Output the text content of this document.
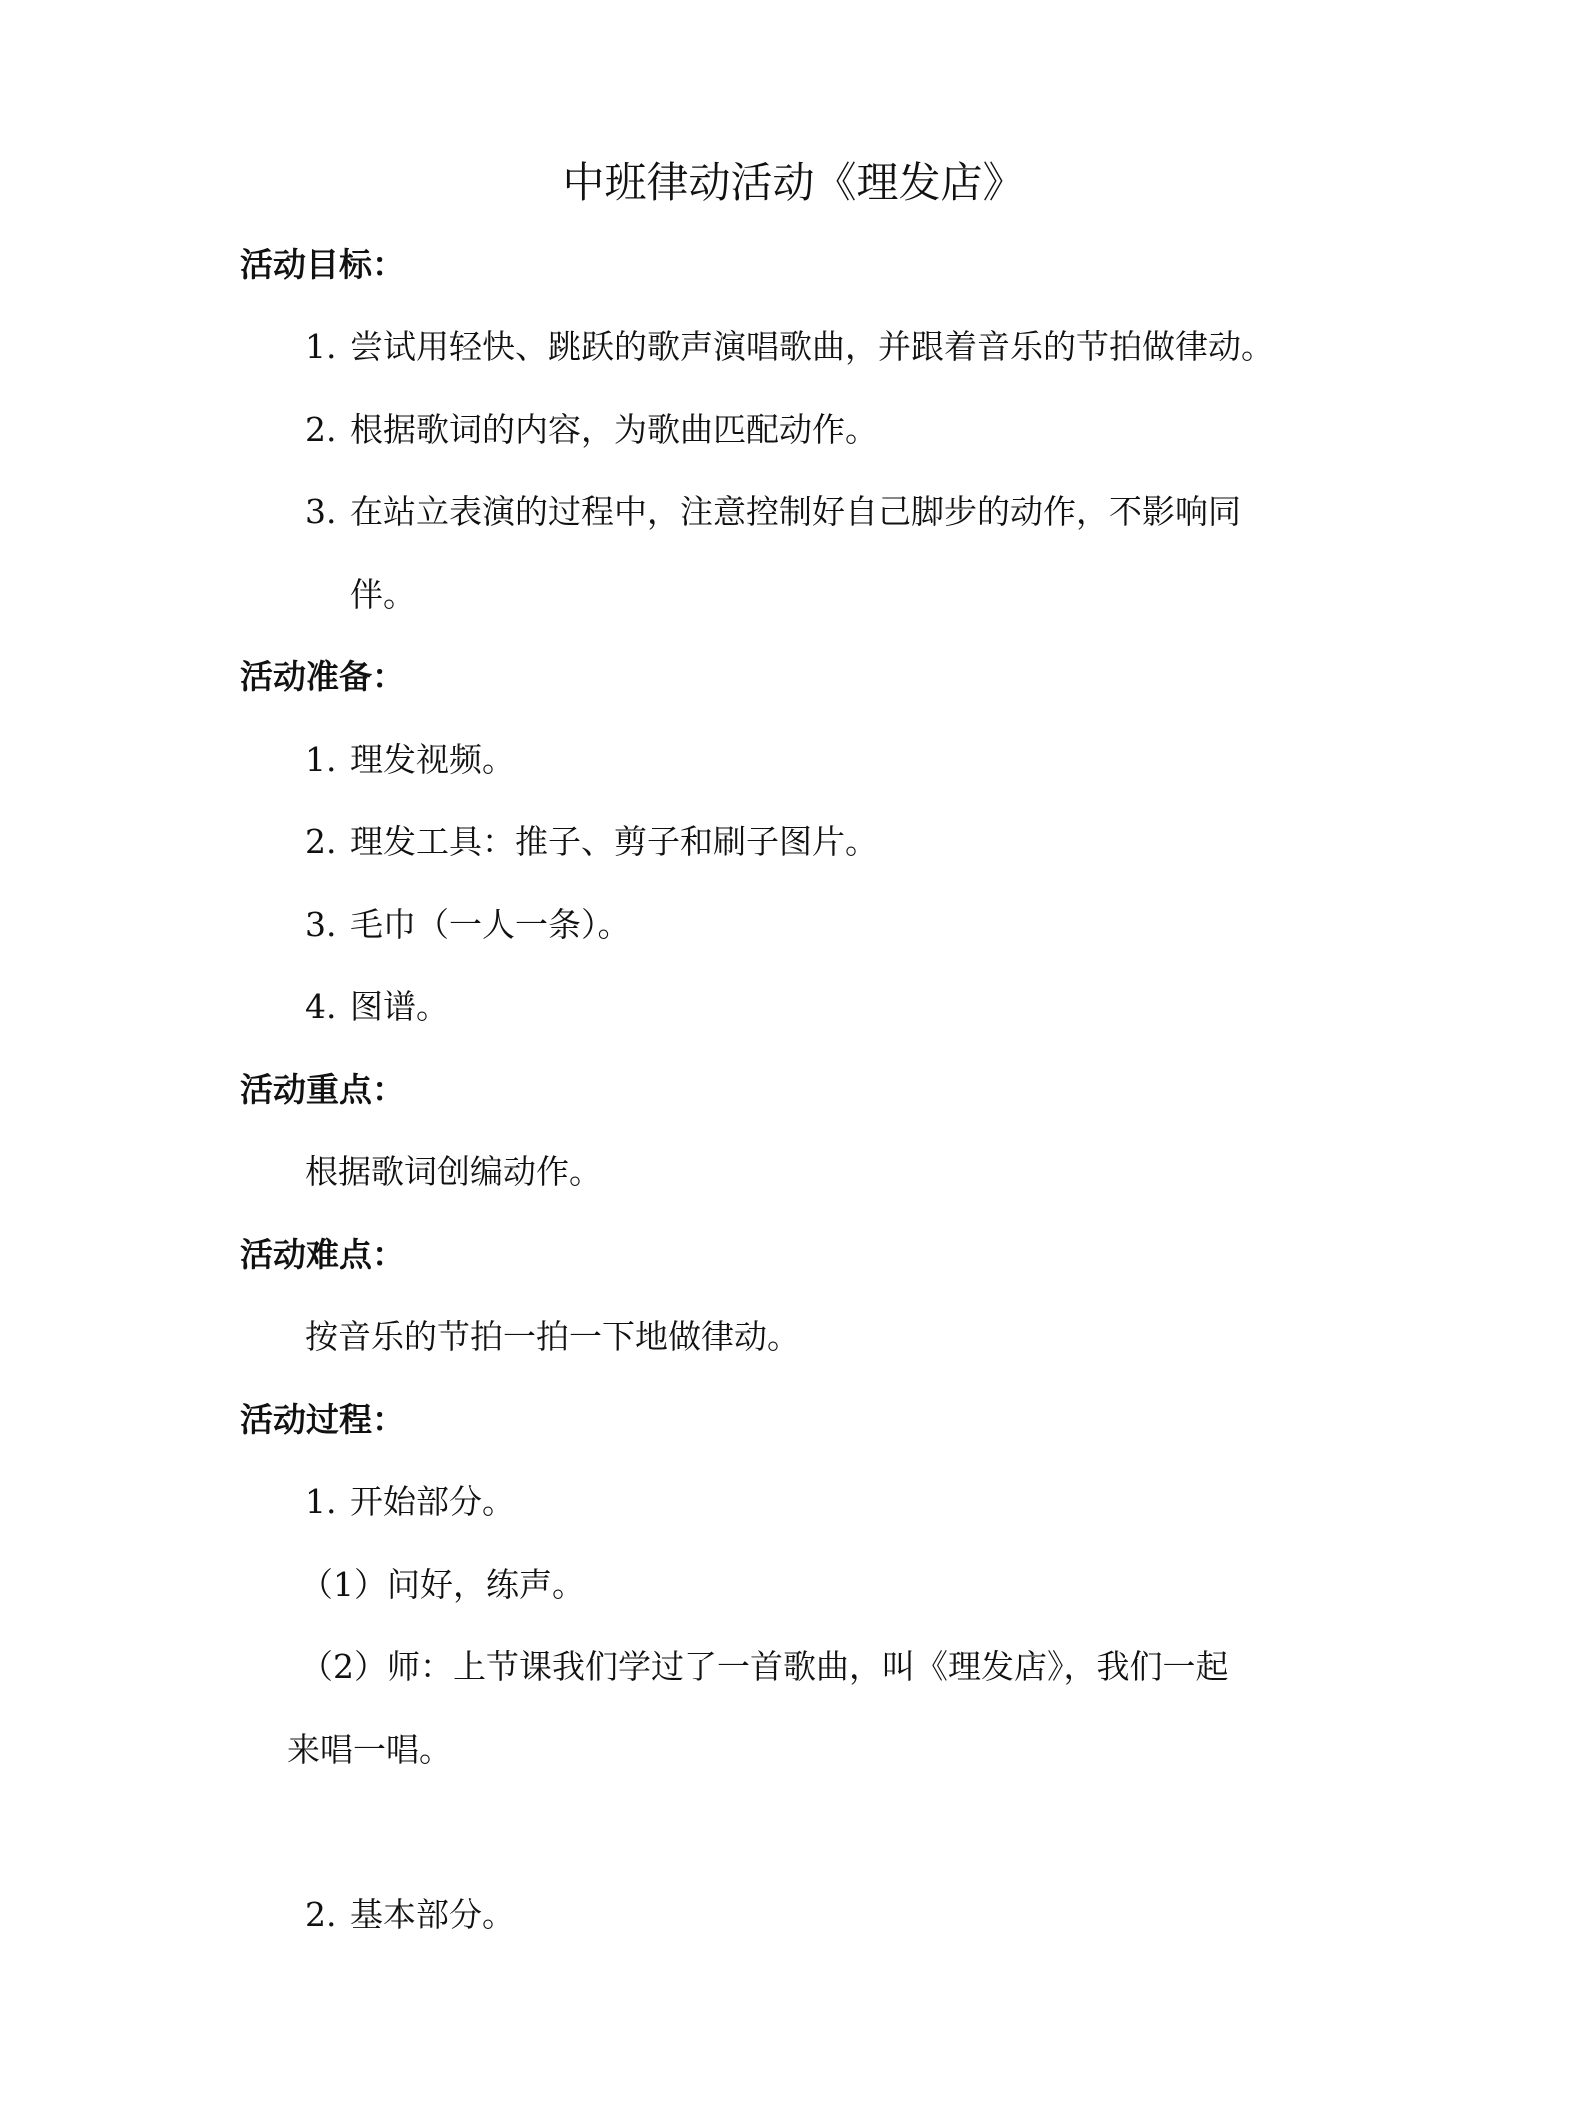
中班律动活动《理发店》
活动目标：
1. 尝试用轻快、跳跃的歌声演唱歌曲，并跟着音乐的节拍做律动。
2. 根据歌词的内容，为歌曲匹配动作。
3. 在站立表演的过程中，注意控制好自己脚步的动作，不影响同
伴。
活动准备：
1. 理发视频。
2. 理发工具：推子、剪子和刷子图片。
3. 毛巾（一人一条）。
4. 图谱。
活动重点：
根据歌词创编动作。
活动难点：
按音乐的节拍一拍一下地做律动。
活动过程：
1. 开始部分。
（1）问好，练声。
（2）师：上节课我们学过了一首歌曲，叫《理发店》，我们一起
来唱一唱。
2. 基本部分。
